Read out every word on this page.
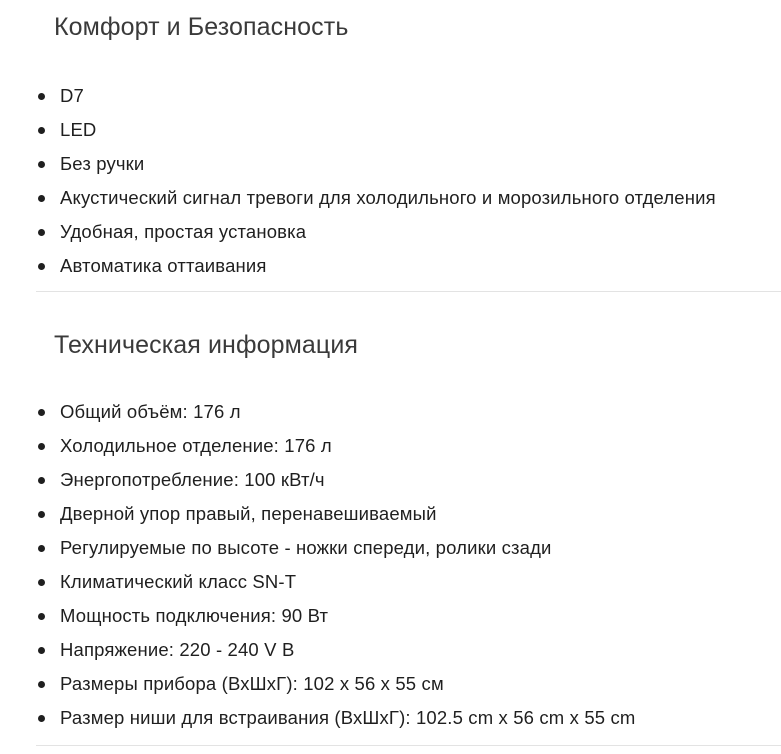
Комфорт и Безопасность
D7
LED
Без ручки
Акустический сигнал тревоги для холодильного и морозильного отделения
Удобная, простая установка
Автоматика оттаивания
Техническая информация
Общий объём: 176 л
Холодильное отделение: 176 л
Энергопотребление: 100 кВт/ч
Дверной упор правый, перенавешиваемый
Регулируемые по высоте - ножки спереди, ролики сзади
Климатический класс SN-T
Мощность подключения: 90 Вт
Напряжение: 220 - 240 V В
Размеры прибора (ВхШхГ): 102 x 56 x 55 см
Размер ниши для встраивания (ВхШхГ): 102.5 cm x 56 cm x 55 cm
